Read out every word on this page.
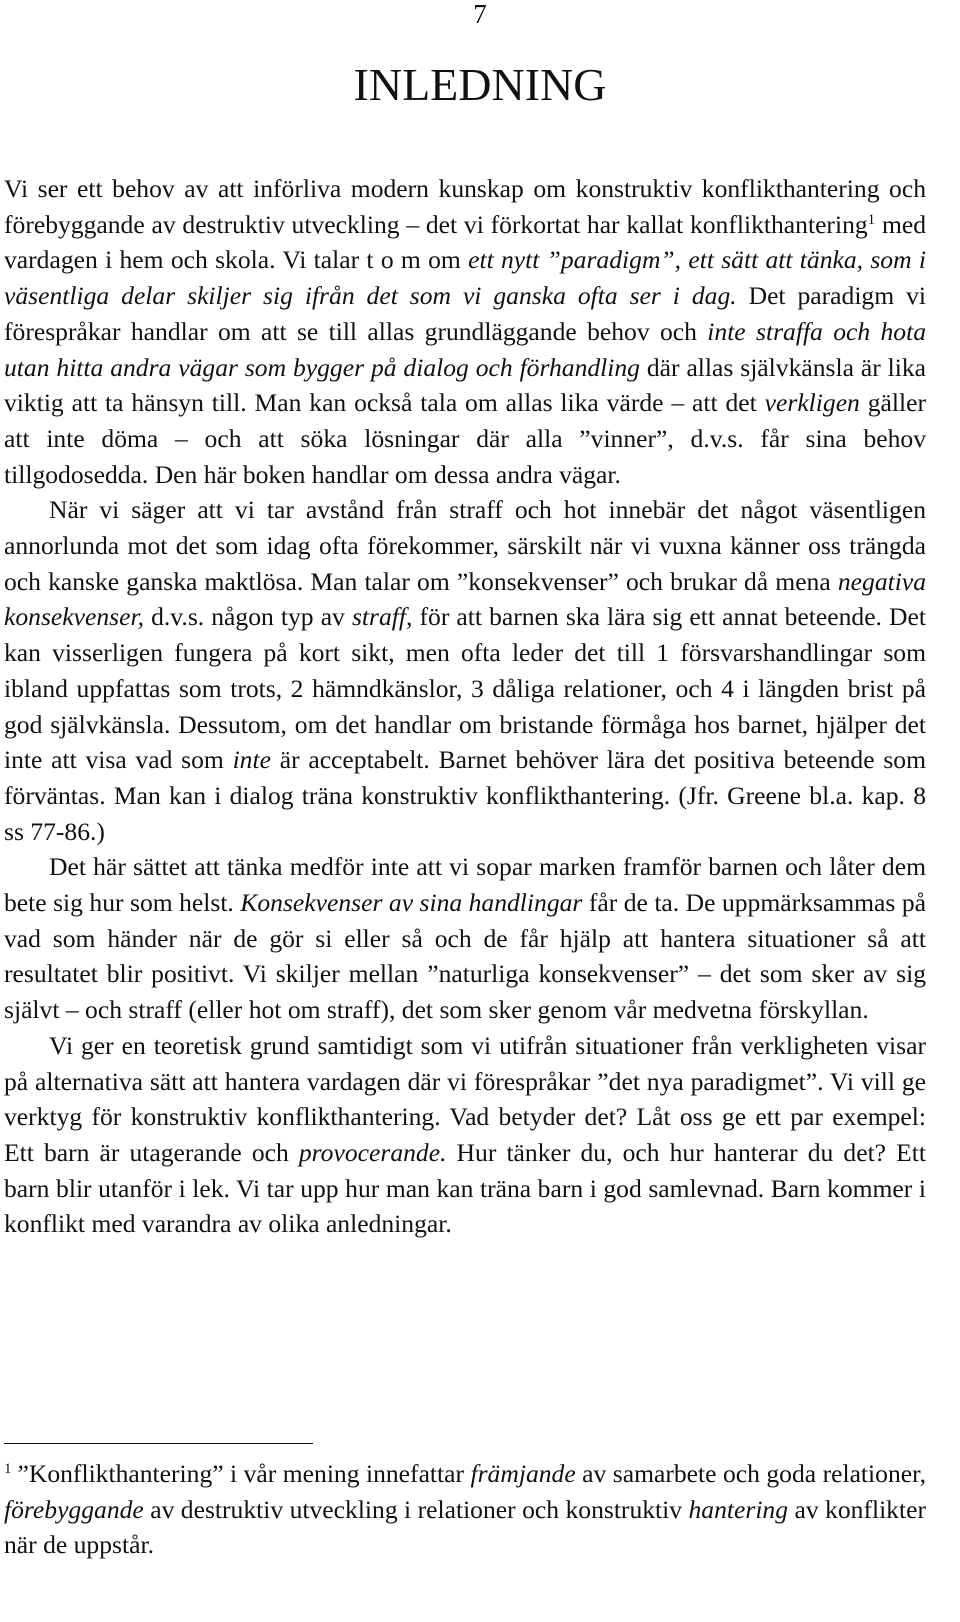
7
INLEDNING

Vi ser ett behov av att införliva modern kunskap om konstruktiv konflikthantering och förebyggande av destruktiv utveckling – det vi förkortat har kallat konflikthantering$^1$ med vardagen i hem och skola. Vi talar t o m om ett nytt ”paradigm”, ett sätt att tänka, som i väsentliga delar skiljer sig ifrån det som vi ganska ofta ser i dag. Det paradigm vi förespråkar handlar om att se till allas grundläggande behov och inte straffa och hota utan hitta andra vägar som bygger på dialog och förhandling där allas självkänsla är lika viktig att ta hänsyn till. Man kan också tala om allas lika värde – att det verkligen gäller att inte döma – och att söka lösningar där alla ”vinner”, d.v.s. får sina behov tillgodosedda. Den här boken handlar om dessa andra vägar.

När vi säger att vi tar avstånd från straff och hot innebär det något väsentligen annorlunda mot det som idag ofta förekommer, särskilt när vi vuxna känner oss trängda och kanske ganska maktlösa. Man talar om ”konsekvenser” och brukar då mena negativa konsekvenser, d.v.s. någon typ av straff, för att barnen ska lära sig ett annat beteende. Det kan visserligen fungera på kort sikt, men ofta leder det till 1 försvarshandlingar som ibland uppfattas som trots, 2 hämndkänslor, 3 dåliga relationer, och 4 i längden brist på god självkänsla. Dessutom, om det handlar om bristande förmåga hos barnet, hjälper det inte att visa vad som inte är acceptabelt. Barnet behöver lära det positiva beteende som förväntas. Man kan i dialog träna konstruktiv konflikthantering. (Jfr. Greene bl.a. kap. 8 ss 77-86.)

Det här sättet att tänka medför inte att vi sopar marken framför barnen och låter dem bete sig hur som helst. Konsekvenser av sina handlingar får de ta. De uppmärksammas på vad som händer när de gör si eller så och de får hjälp att hantera situationer så att resultatet blir positivt. Vi skiljer mellan ”naturliga konsekvenser” – det som sker av sig självt – och straff (eller hot om straff), det som sker genom vår medvetna förskyllan.

Vi ger en teoretisk grund samtidigt som vi utifrån situationer från verkligheten visar på alternativa sätt att hantera vardagen där vi förespråkar ”det nya paradigmet”. Vi vill ge verktyg för konstruktiv konflikthantering. Vad betyder det? Låt oss ge ett par exempel: Ett barn är utagerande och provocerande. Hur tänker du, och hur hanterar du det? Ett barn blir utanför i lek. Vi tar upp hur man kan träna barn i god samlevnad. Barn kommer i konflikt med varandra av olika anledningar.

$^1$ ”Konflikthantering” i vår mening innefattar främjande av samarbete och goda relationer, förebyggande av destruktiv utveckling i relationer och konstruktiv hantering av konflikter när de uppstår.
